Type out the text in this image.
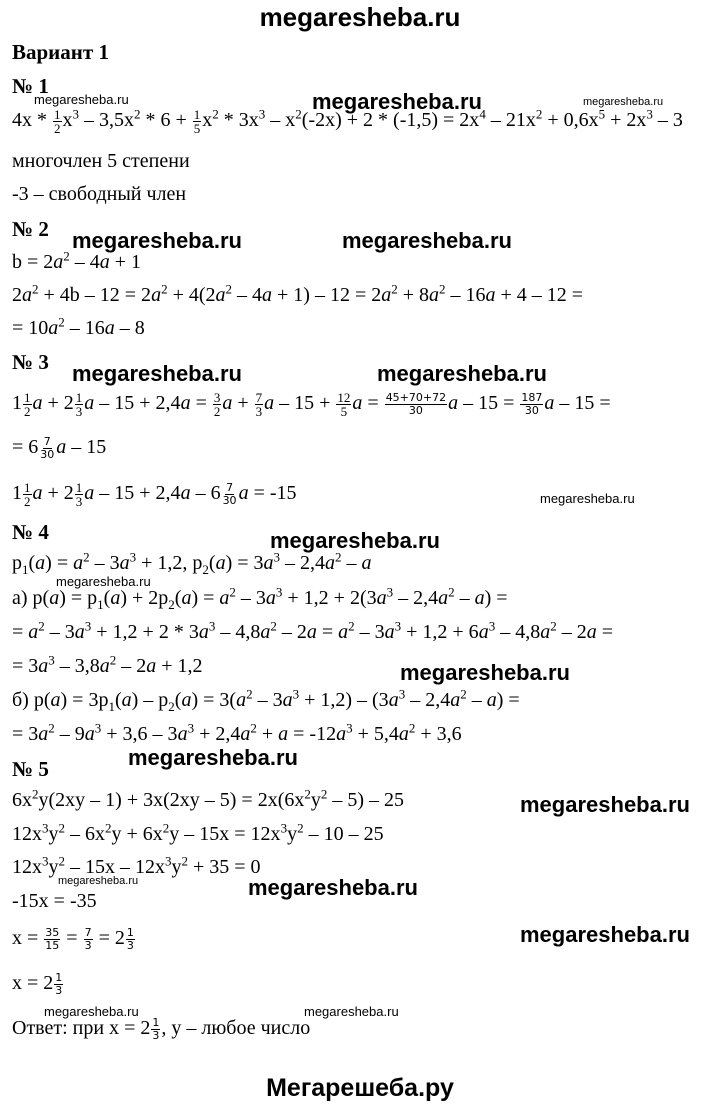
megaresheba.ru
Вариант 1
№ 1
megaresheba.ru	megaresheba.ru	megaresheba.ru
$4x * \frac{1}{2} x^3 - 3,5x^2 * 6 + \frac{1}{5} x^2 * 3x^3 - x^2(-2x) + 2 * (-1,5) = 2x^4 - 21x^2 + 0,6x^5 + 2x^3 - 3$
многочлен 5 степени
-3 – свободный член
№ 2 megaresheba.ru	megaresheba.ru
$b = 2a^2 - 4a + 1$
$2a^2 + 4b - 12 = 2a^2 + 4(2a^2 - 4a + 1) - 12 = 2a^2 + 8a^2 - 16a + 4 - 12$ =
= $10a^2 - 16a - 8$
№ 3 megaresheba.ru	megaresheba.ru
$1 \frac{1}{2}$ $a + 2 \frac{1}{3}$ $a - 15 + 2,4a = \frac{3}{2}$ $a + \frac{7}{3}$ $a - 15 + \frac{12}{5}$ $a = \frac{45+70+72}{30}$ $a - 15 = \frac{187}{30}$ a – 15 =
= $6 \frac{7}{30}$ a – 15
$1 \frac{1}{2}$ $a + 2 \frac{1}{3}$ $a - 15 + 2,4a - 6 \frac{7}{30}$ a = -15	megaresheba.ru
№ 4	megaresheba.ru
$p_1(a) = a^2 - 3a^3 + 1,2$, $p_2(a) = 3a^3 - 2,4a^2 - a$
megaresheba.ru
а) $p(a) = p_1(a) + 2p_2(a) = a^2 - 3a^3 + 1,2 + 2(3a^3 - 2,4a^2 - a)$ =
= $a^2 - 3a^3 + 1,2 + 2 * 3a^3 - 4,8a^2 - 2a = a^2 - 3a^3 + 1,2 + 6a^3 - 4,8a^2 - 2a$ =
= $3a^3 - 3,8a^2 - 2a + 1,2$	megaresheba.ru
б) $p(a) = 3p_1(a) - p_2(a) = 3(a^2 - 3a^3 + 1,2) - (3a^3 - 2,4a^2 - a)$ =
= $3a^2 - 9a^3 + 3,6 - 3a^3 + 2,4a^2 + a = -12a^3 + 5,4a^2 + 3,6$
megaresheba.ru
№ 5
$6x^2y(2xy - 1) + 3x(2xy - 5) = 2x(6x^2y^2 - 5) - 25$	megaresheba.ru
$12x^3y^2 - 6x^2y + 6x^2y - 15x = 12x^3y^2 - 10 - 25$
$12x^3y^2 - 15x - 12x^3y^2 + 35 = 0$
megaresheba.ru	megaresheba.ru
-15x = -35
$x = \frac{35}{15} = \frac{7}{3} = 2 \frac{1}{3}$	megaresheba.ru
$x = 2 \frac{1}{3}$
megaresheba.ru	megaresheba.ru
Ответ: при $x = 2 \frac{1}{3}$ , y – любое число
Мегарешеба.ру
